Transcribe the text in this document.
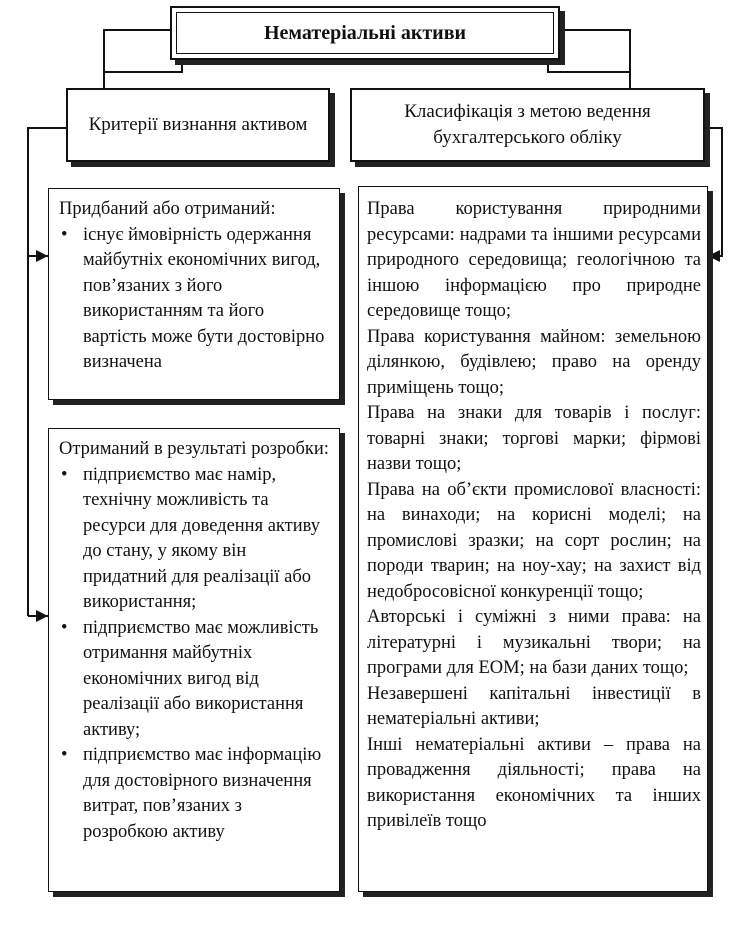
Нематеріальні активи
Критерії визнання активом
Класифікація з метою ведення бухгалтерського обліку
Придбаний або отриманий:
• існує ймовірність одержання майбутніх економічних вигод, пов’язаних з його використанням та його вартість може бути достовірно визначена
Отриманий в результаті розробки:
• підприємство має намір, технічну можливість та ресурси для доведення активу до стану, у якому він придатний для реалізації або використання;
• підприємство має можливість отримання майбутніх економічних вигод від реалізації або використання активу;
• підприємство має інформацію для достовірного визначення витрат, пов’язаних з розробкою активу
Права користування природними ресурсами: надрами та іншими ресурсами природного середовища; геологічною та іншою інформацією про природне середовище тощо;
Права користування майном: земельною ділянкою, будівлею; право на оренду приміщень тощо;
Права на знаки для товарів і послуг: товарні знаки; торгові марки; фірмові назви тощо;
Права на об’єкти промислової власності: на винаходи; на корисні моделі; на промислові зразки; на сорт рослин; на породи тварин; на ноу-хау; на захист від недобросовісної конкуренції тощо;
Авторські і суміжні з ними права: на літературні і музикальні твори; на програми для ЕОМ; на бази даних тощо;
Незавершені капітальні інвестиції в нематеріальні активи;
Інші нематеріальні активи – права на провадження діяльності; права на використання економічних та інших привілеїв тощо
